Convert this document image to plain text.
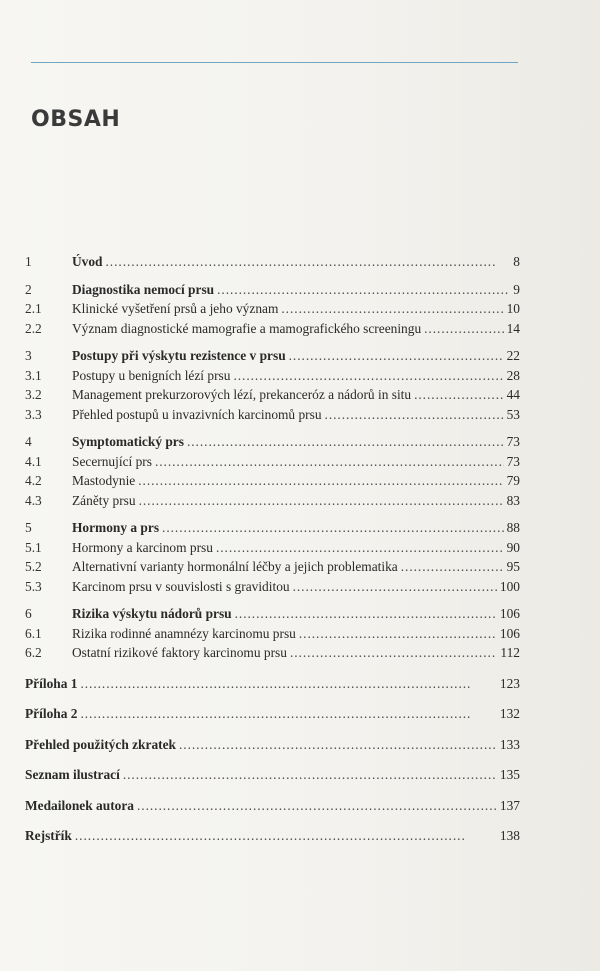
OBSAH
1	Úvod . . .	8
2	Diagnostika nemocí prsu . . .	9
2.1	Klinické vyšetření prsů a jeho význam . . .	10
2.2	Význam diagnostické mamografie a mamografického screeningu . . .	14
3	Postupy při výskytu rezistence v prsu . . .	22
3.1	Postupy u benigních lézí prsu . . .	28
3.2	Management prekurzorových lézí, prekanceróz a nádorů in situ . . .	44
3.3	Přehled postupů u invazivních karcinomů prsu . . .	53
4	Symptomatický prs . . .	73
4.1	Secernující prs . . .	73
4.2	Mastodynie . . .	79
4.3	Záněty prsu . . .	83
5	Hormony a prs . . .	88
5.1	Hormony a karcinom prsu . . .	90
5.2	Alternativní varianty hormonální léčby a jejich problematika . . .	95
5.3	Karcinom prsu v souvislosti s graviditou . . .	100
6	Rizika výskytu nádorů prsu . . .	106
6.1	Rizika rodinné anamnézy karcinomu prsu . . .	106
6.2	Ostatní rizikové faktory karcinomu prsu . . .	112
Příloha 1 . . .	123
Příloha 2 . . .	132
Přehled použitých zkratek . . .	133
Seznam ilustrací . . .	135
Medailonek autora . . .	137
Rejstřík . . .	138
